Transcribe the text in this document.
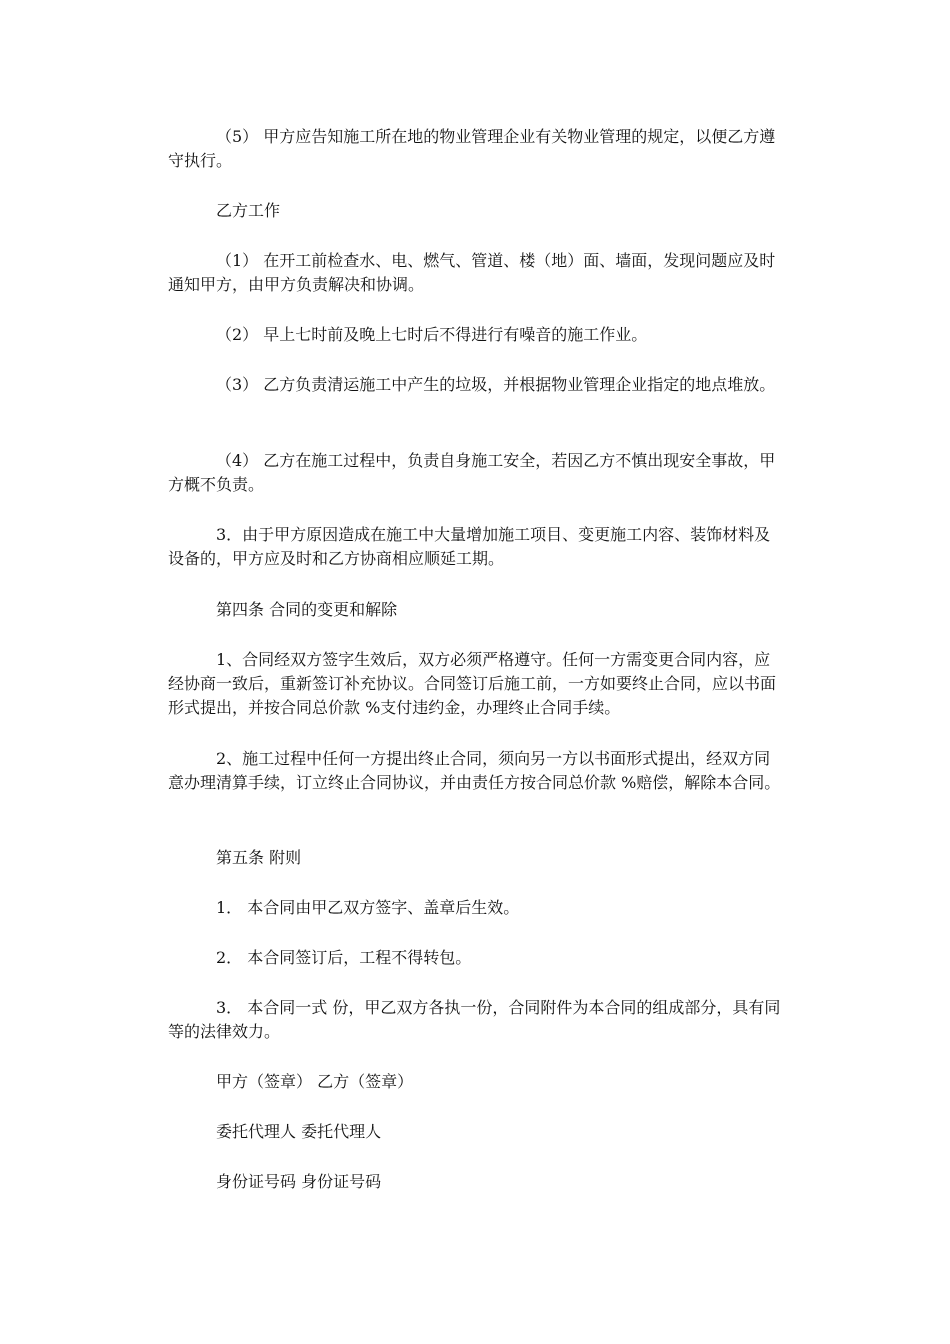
（5） 甲方应告知施工所在地的物业管理企业有关物业管理的规定，以便乙方遵守执行。

乙方工作

（1） 在开工前检查水、电、燃气、管道、楼（地）面、墙面，发现问题应及时通知甲方，由甲方负责解决和协调。

（2） 早上七时前及晚上七时后不得进行有噪音的施工作业。

（3） 乙方负责清运施工中产生的垃圾，并根据物业管理企业指定的地点堆放。

（4） 乙方在施工过程中，负责自身施工安全，若因乙方不慎出现安全事故，甲方概不负责。

3．由于甲方原因造成在施工中大量增加施工项目、变更施工内容、装饰材料及设备的，甲方应及时和乙方协商相应顺延工期。

第四条 合同的变更和解除

1、合同经双方签字生效后，双方必须严格遵守。任何一方需变更合同内容，应经协商一致后，重新签订补充协议。合同签订后施工前，一方如要终止合同，应以书面形式提出，并按合同总价款 %支付违约金，办理终止合同手续。

2、施工过程中任何一方提出终止合同，须向另一方以书面形式提出，经双方同意办理清算手续，订立终止合同协议，并由责任方按合同总价款 %赔偿，解除本合同。

第五条 附则

1． 本合同由甲乙双方签字、盖章后生效。

2． 本合同签订后，工程不得转包。

3． 本合同一式 份，甲乙双方各执一份，合同附件为本合同的组成部分，具有同等的法律效力。

甲方（签章） 乙方（签章）

委托代理人 委托代理人

身份证号码 身份证号码
